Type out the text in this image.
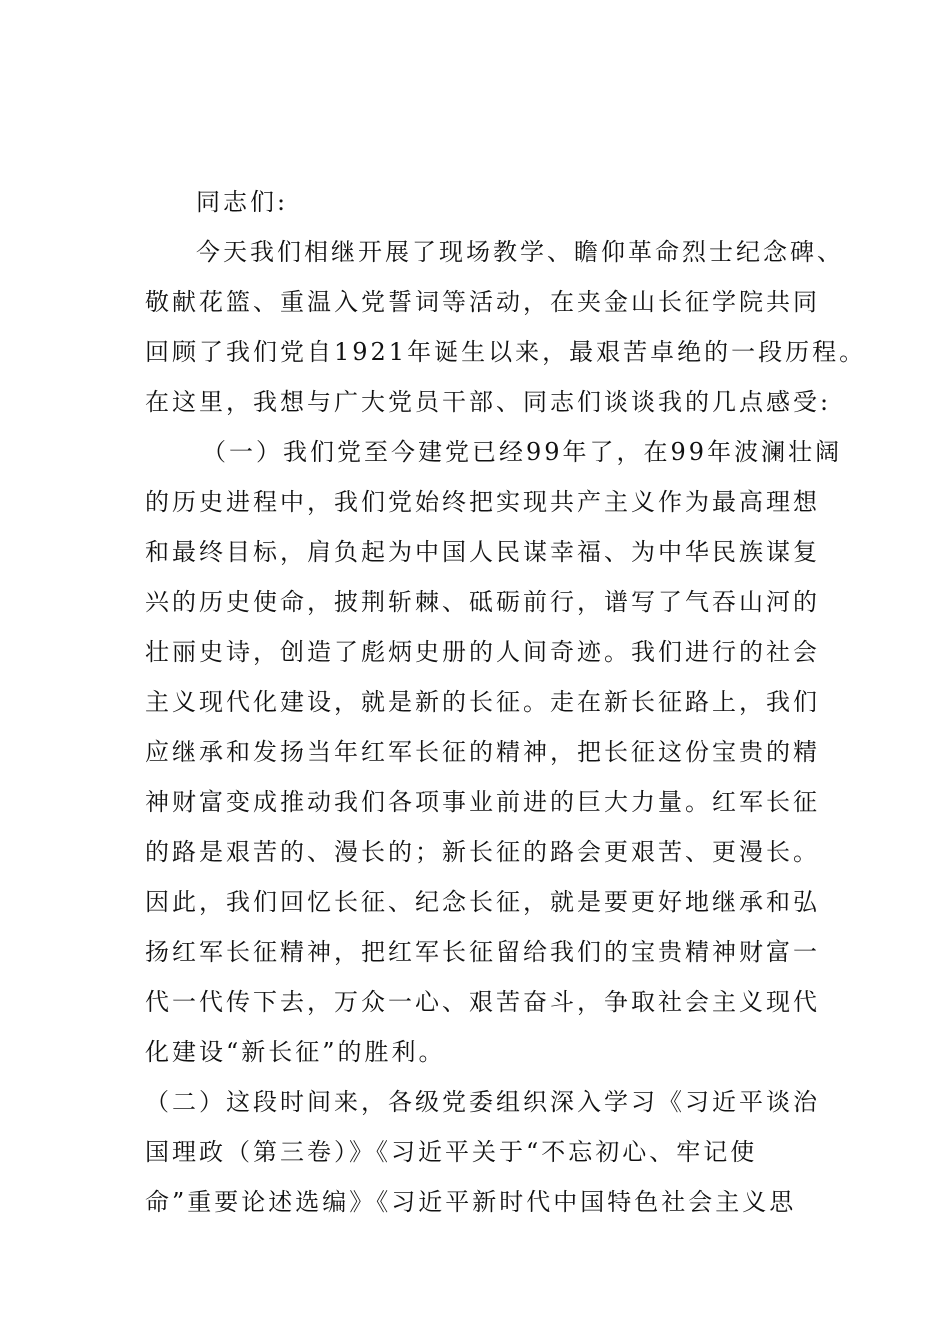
同志们:
今天我们相继开展了现场教学、瞻仰革命烈士纪念碑、
敬献花篮、重温入党誓词等活动，在夹金山长征学院共同
回顾了我们党自1921年诞生以来，最艰苦卓绝的一段历程。
在这里，我想与广大党员干部、同志们谈谈我的几点感受:
（一）我们党至今建党已经99年了，在99年波澜壮阔
的历史进程中，我们党始终把实现共产主义作为最高理想
和最终目标，肩负起为中国人民谋幸福、为中华民族谋复
兴的历史使命，披荆斩棘、砥砺前行，谱写了气吞山河的
壮丽史诗，创造了彪炳史册的人间奇迹。我们进行的社会
主义现代化建设，就是新的长征。走在新长征路上，我们
应继承和发扬当年红军长征的精神，把长征这份宝贵的精
神财富变成推动我们各项事业前进的巨大力量。红军长征
的路是艰苦的、漫长的；新长征的路会更艰苦、更漫长。
因此，我们回忆长征、纪念长征，就是要更好地继承和弘
扬红军长征精神，把红军长征留给我们的宝贵精神财富一
代一代传下去，万众一心、艰苦奋斗，争取社会主义现代
化建设“新长征”的胜利。
（二）这段时间来，各级党委组织深入学习《习近平谈治
国理政（第三卷）》《习近平关于“不忘初心、牢记使
命”重要论述选编》《习近平新时代中国特色社会主义思
